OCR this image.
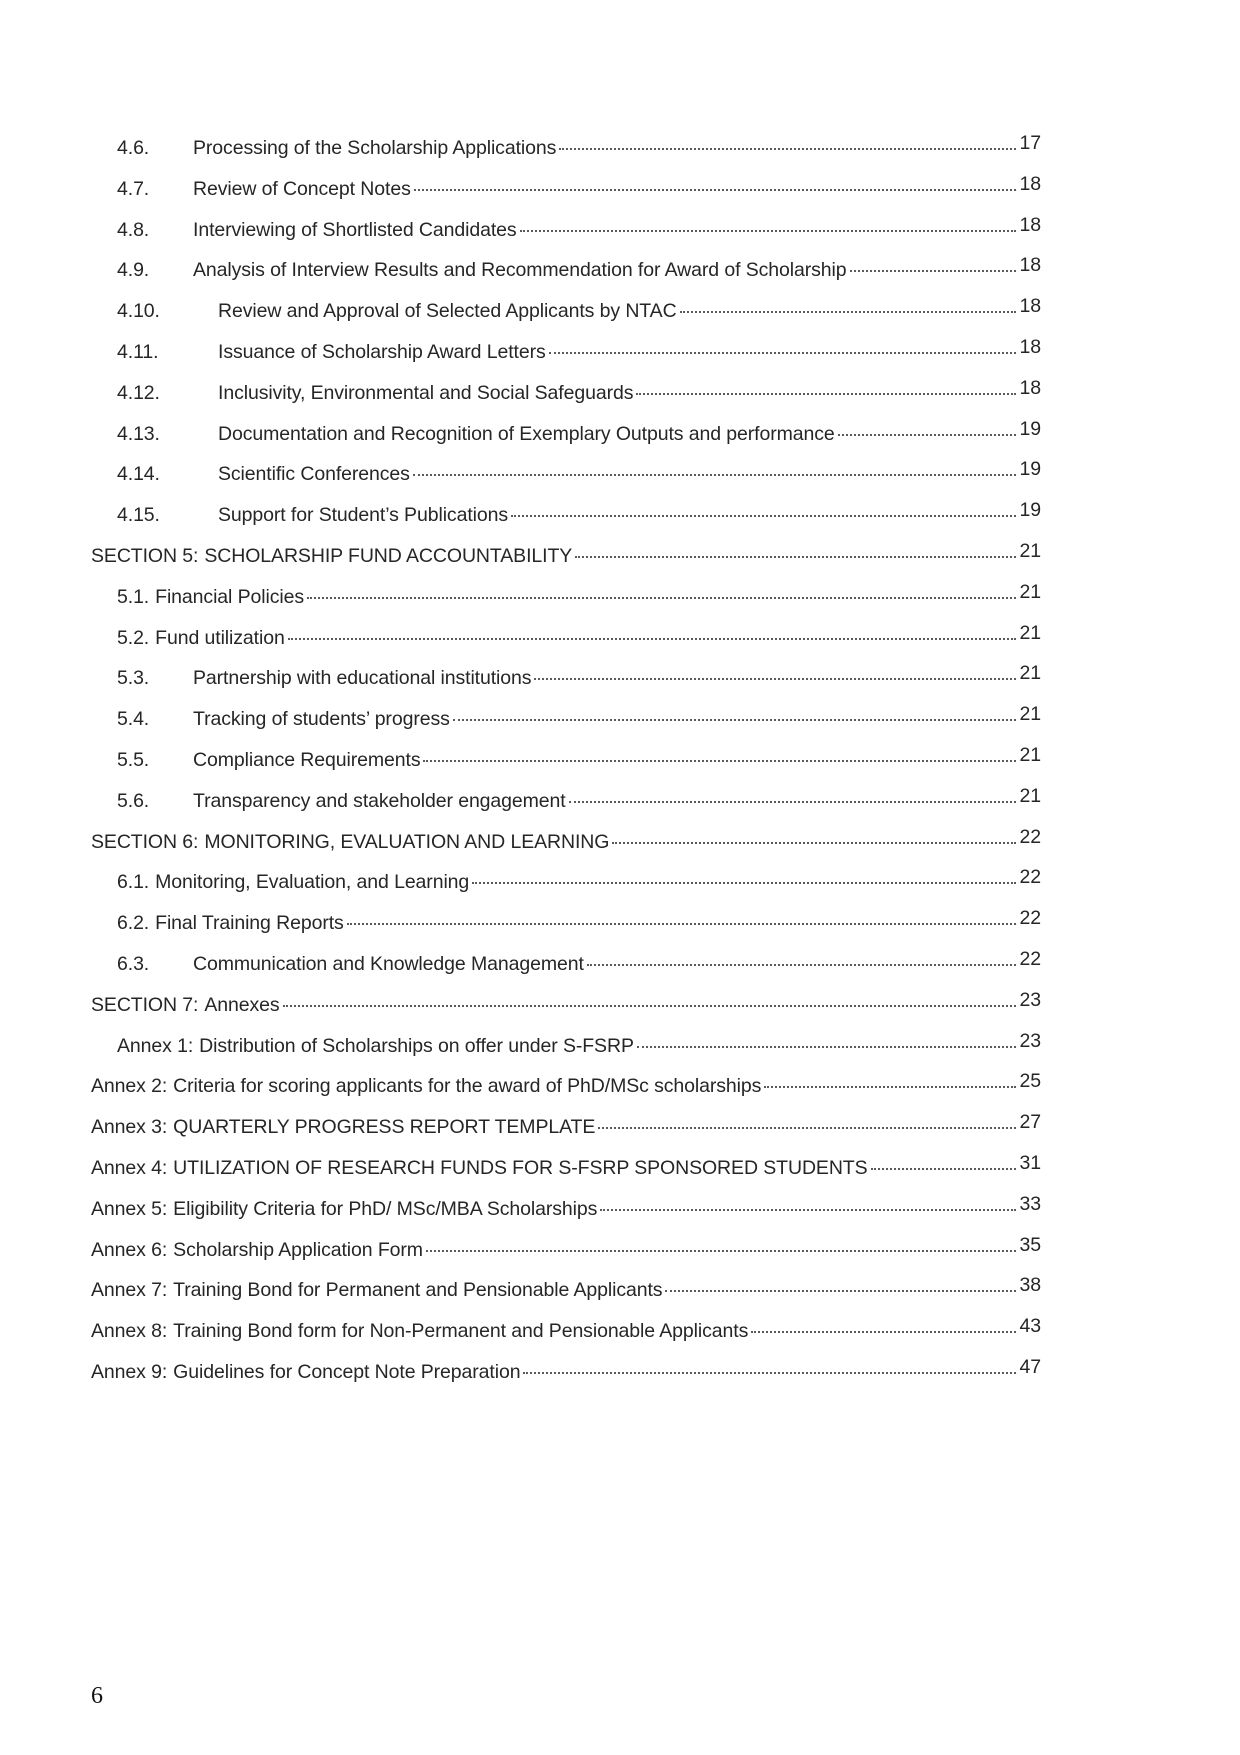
4.6.	Processing of the Scholarship Applications	17
4.7.	Review of Concept Notes	18
4.8.	Interviewing of Shortlisted Candidates	18
4.9.	Analysis of Interview Results and Recommendation for Award of Scholarship	18
4.10.	Review and Approval of Selected Applicants by NTAC	18
4.11.	Issuance of Scholarship Award Letters	18
4.12.	Inclusivity, Environmental and Social Safeguards	18
4.13.	Documentation and Recognition of Exemplary Outputs and performance	19
4.14.	Scientific Conferences	19
4.15.	Support for Student’s Publications	19
SECTION 5: SCHOLARSHIP FUND ACCOUNTABILITY	21
5.1. Financial Policies	21
5.2. Fund utilization	21
5.3.	Partnership with educational institutions	21
5.4.	Tracking of students’ progress	21
5.5.	Compliance Requirements	21
5.6.	Transparency and stakeholder engagement	21
SECTION 6: MONITORING, EVALUATION AND LEARNING	22
6.1. Monitoring, Evaluation, and Learning	22
6.2. Final Training Reports	22
6.3.	Communication and Knowledge Management	22
SECTION 7: Annexes	23
Annex 1: Distribution of Scholarships on offer under S-FSRP	23
Annex 2: Criteria for scoring applicants for the award of PhD/MSc scholarships	25
Annex 3: QUARTERLY PROGRESS REPORT TEMPLATE	27
Annex 4: UTILIZATION OF RESEARCH FUNDS FOR S-FSRP SPONSORED STUDENTS	31
Annex 5: Eligibility Criteria for PhD/ MSc/MBA Scholarships	33
Annex 6: Scholarship Application Form	35
Annex 7: Training Bond for Permanent and Pensionable Applicants	38
Annex 8: Training Bond form for Non-Permanent and Pensionable Applicants	43
Annex 9: Guidelines for Concept Note Preparation	47
6
